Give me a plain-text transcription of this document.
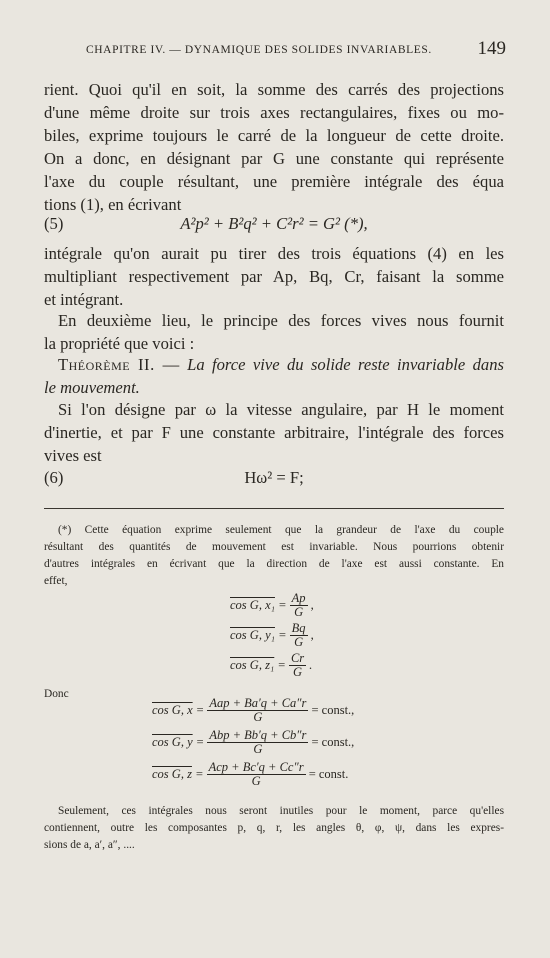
CHAPITRE IV. — DYNAMIQUE DES SOLIDES INVARIABLES. 149
rient. Quoi qu'il en soit, la somme des carrés des projections
d'une même droite sur trois axes rectangulaires, fixes ou mo-
biles, exprime toujours le carré de la longueur de cette droite.
On a donc, en désignant par G une constante qui représente
l'axe du couple résultant, une première intégrale des équa
tions (1), en écrivant
(5)	A²p² + B²q² + C²r² = G² (*),
intégrale qu'on aurait pu tirer des trois équations (4) en les
multipliant respectivement par Ap, Bq, Cr, faisant la somme
et intégrant.
En deuxième lieu, le principe des forces vives nous fournit
la propriété que voici :
Théorème II. — La force vive du solide reste invariable dans
le mouvement.
Si l'on désigne par ω la vitesse angulaire, par H le moment
d'inertie, et par F une constante arbitraire, l'intégrale des forces
vives est
(6)	Hω² = F;
(*) Cette équation exprime seulement que la grandeur de l'axe du couple
résultant des quantités de mouvement est invariable. Nous pourrions obtenir
d'autres intégrales en écrivant que la direction de l'axe est aussi constante. En
effet,
cos G, $x_1 = \frac{Ap}{G}$ ,
cos G, $y_1 = \frac{Bq}{G}$ ,
cos G, $z_1 = \frac{Cr}{G}$ .
Donc
cos G, $x = \frac{\text{Aap + Ba′q + Ca″r}}{G}$ = const.,
cos G, $y = \frac{\text{Abp + Bb′q + Cb″r}}{G}$ = const.,
cos G, $z = \frac{\text{Acp + Bc′q + Cc″r}}{G}$ = const.
Seulement, ces intégrales nous seront inutiles pour le moment, parce qu'elles
contiennent, outre les composantes p, q, r, les angles θ, φ, ψ, dans les expres-
sions de a, a′, a″, ....
